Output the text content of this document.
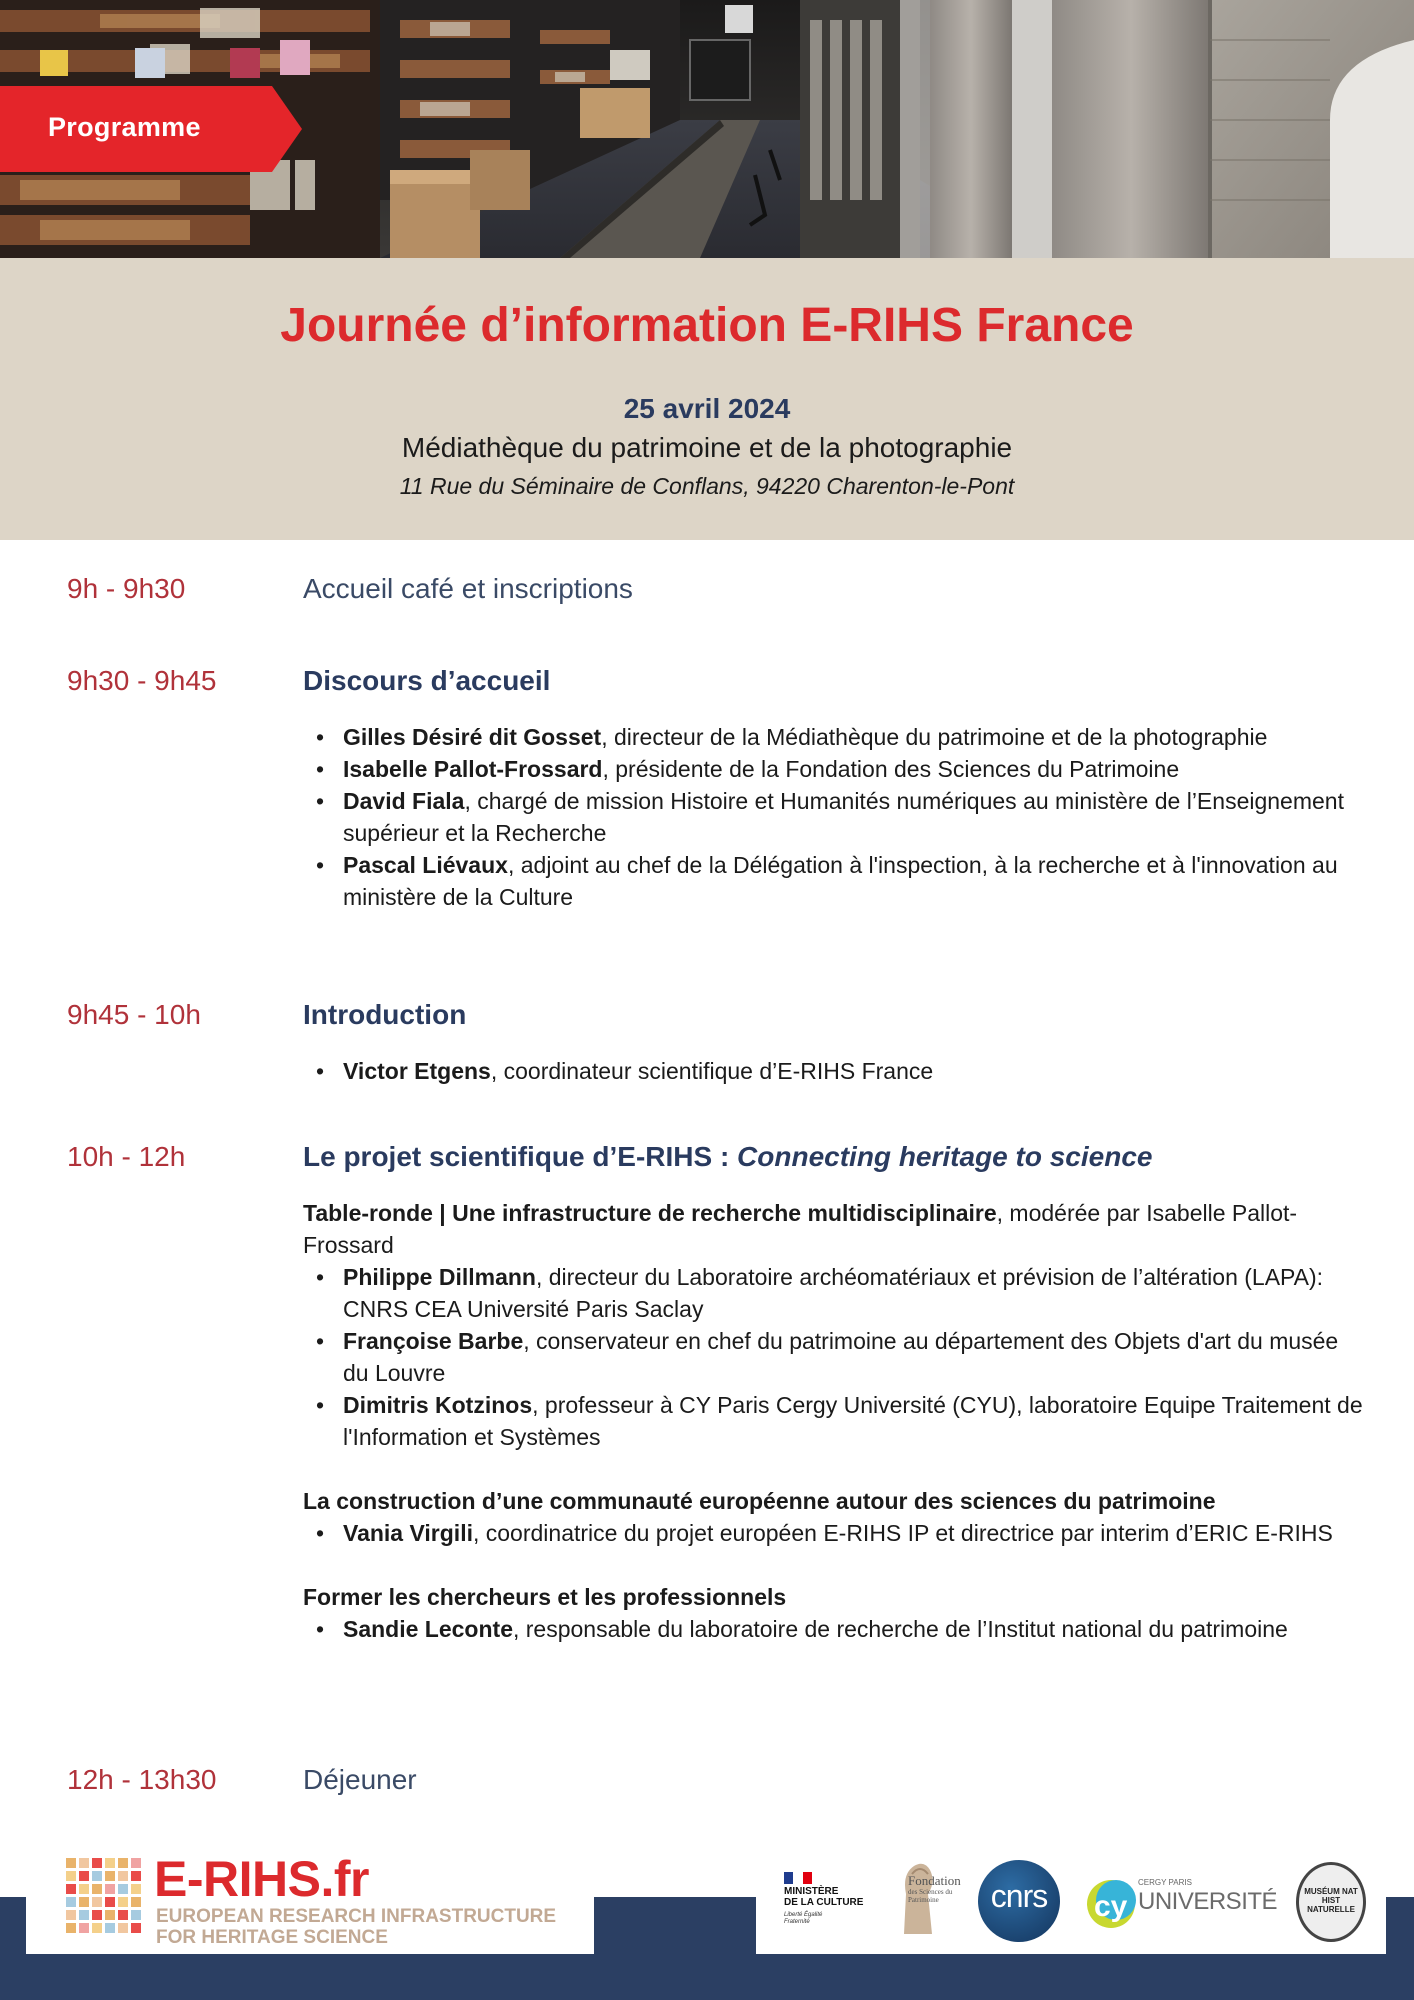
Programme
Journée d’information E-RIHS France
25 avril 2024
Médiathèque du patrimoine et de la photographie
11 Rue du Séminaire de Conflans, 94220 Charenton-le-Pont
9h - 9h30	Accueil café et inscriptions
9h30 - 9h45	Discours d’accueil
• Gilles Désiré dit Gosset, directeur de la Médiathèque du patrimoine et de la photographie
• Isabelle Pallot-Frossard, présidente de la Fondation des Sciences du Patrimoine
• David Fiala, chargé de mission Histoire et Humanités numériques au ministère de l’Enseignement supérieur et la Recherche
• Pascal Liévaux, adjoint au chef de la Délégation à l'inspection, à la recherche et à l'innovation au ministère de la Culture
9h45 - 10h	Introduction
• Victor Etgens, coordinateur scientifique d’E-RIHS France
10h - 12h	Le projet scientifique d’E-RIHS : Connecting heritage to science
Table-ronde | Une infrastructure de recherche multidisciplinaire, modérée par Isabelle Pallot-Frossard
• Philippe Dillmann, directeur du Laboratoire archéomatériaux et prévision de l’altération (LAPA): CNRS CEA Université Paris Saclay
• Françoise Barbe, conservateur en chef du patrimoine au département des Objets d'art du musée du Louvre
• Dimitris Kotzinos, professeur à CY Paris Cergy Université (CYU), laboratoire Equipe Traitement de l'Information et Systèmes
La construction d’une communauté européenne autour des sciences du patrimoine
• Vania Virgili, coordinatrice du projet européen E-RIHS IP et directrice par interim d’ERIC E-RIHS
Former les chercheurs et les professionnels
• Sandie Leconte, responsable du laboratoire de recherche de l’Institut national du patrimoine
12h - 13h30	Déjeuner
E-RIHS.fr
EUROPEAN RESEARCH INFRASTRUCTURE
FOR HERITAGE SCIENCE
MINISTÈRE
DE LA CULTURE
Liberté Égalité Fraternité
Fondation
des Sciences du Patrimoine	cnrs	cy
CERGY PARIS
UNIVERSITÉ	MUSÉUM NAT HIST NATURELLE
